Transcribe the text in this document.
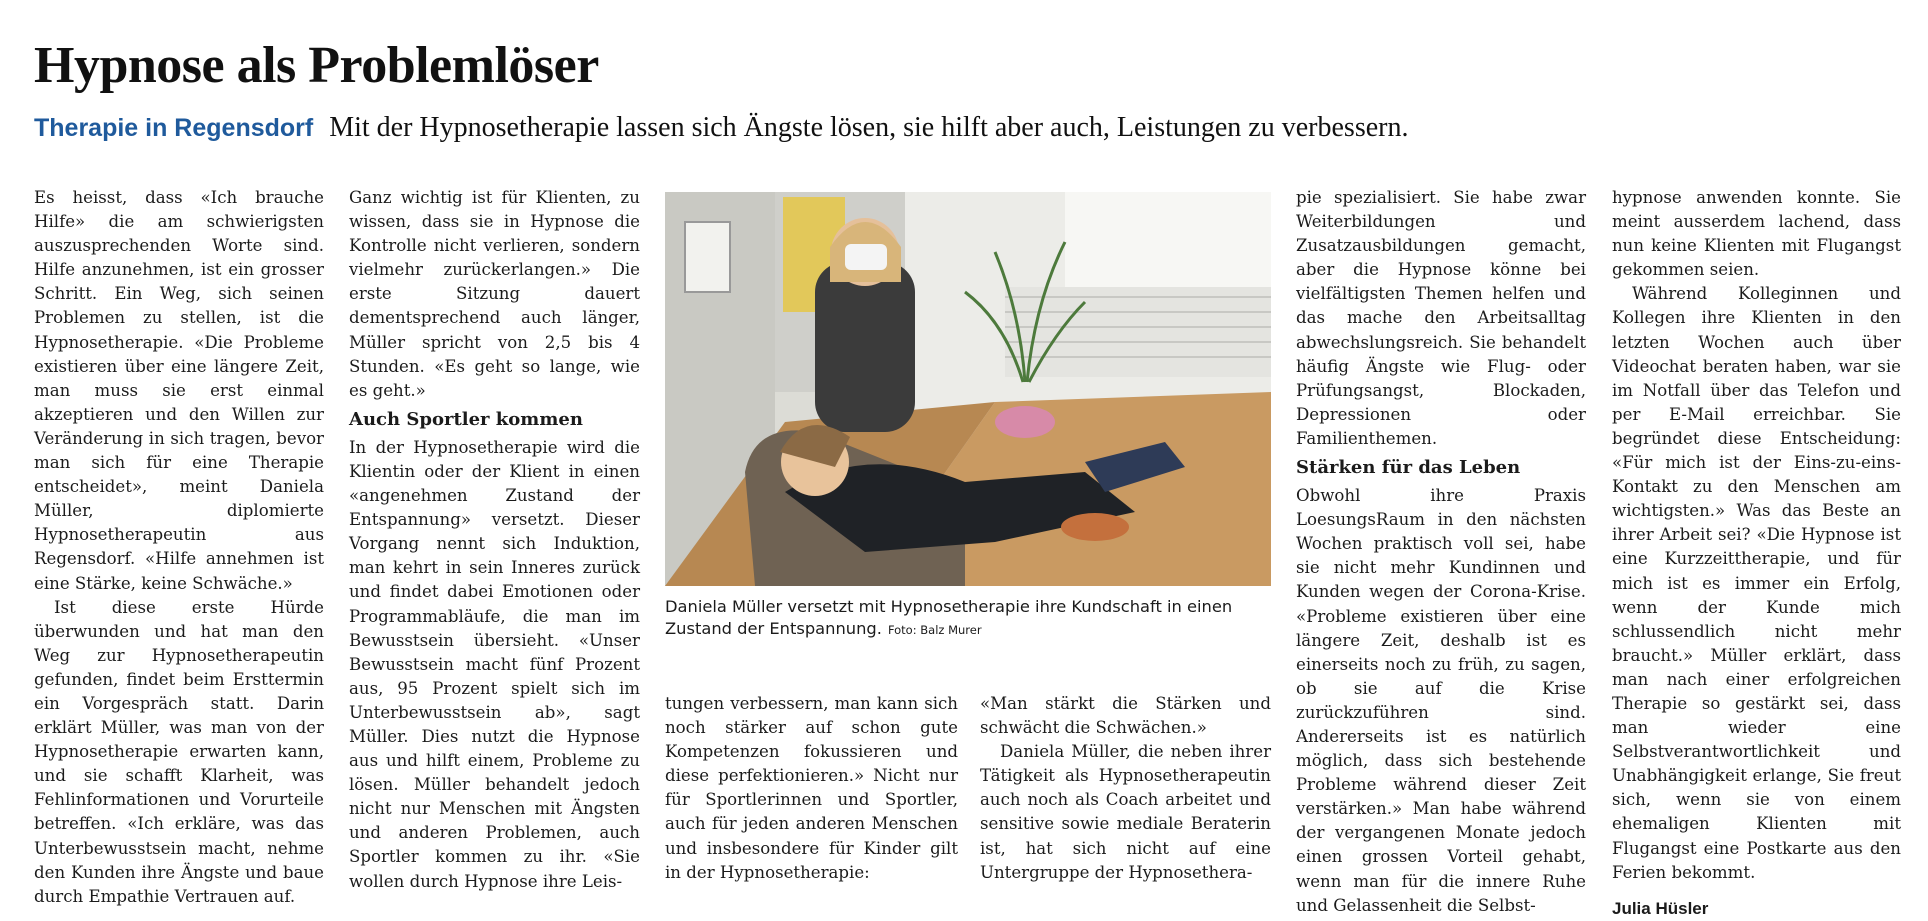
Hypnose als Problemlöser
Therapie in Regensdorf Mit der Hypnosetherapie lassen sich Ängste lösen, sie hilft aber auch, Leistungen zu verbessern.

Es heisst, dass «Ich brauche Hilfe» die am schwierigsten auszusprechenden Worte sind. Hilfe anzunehmen, ist ein grosser Schritt. Ein Weg, sich seinen Problemen zu stellen, ist die Hypnosetherapie. «Die Probleme existieren über eine längere Zeit, man muss sie erst einmal akzeptieren und den Willen zur Veränderung in sich tragen, bevor man sich für eine Therapie entscheidet», meint Daniela Müller, diplomierte Hypnosetherapeutin aus Regensdorf. «Hilfe annehmen ist eine Stärke, keine Schwäche.»

Ist diese erste Hürde überwunden und hat man den Weg zur Hypnosetherapeutin gefunden, findet beim Ersttermin ein Vorgespräch statt. Darin erklärt Müller, was man von der Hypnosetherapie erwarten kann, und sie schafft Klarheit, was Fehlinformationen und Vorurteile betreffen. «Ich erkläre, was das Unterbewusstsein macht, nehme den Kunden ihre Ängste und baue durch Empathie Vertrauen auf.

Ganz wichtig ist für Klienten, zu wissen, dass sie in Hypnose die Kontrolle nicht verlieren, sondern vielmehr zurückerlangen.» Die erste Sitzung dauert dementsprechend auch länger, Müller spricht von 2,5 bis 4 Stunden. «Es geht so lange, wie es geht.»

Auch Sportler kommen

In der Hypnosetherapie wird die Klientin oder der Klient in einen «angenehmen Zustand der Entspannung» versetzt. Dieser Vorgang nennt sich Induktion, man kehrt in sein Inneres zurück und findet dabei Emotionen oder Programmabläufe, die man im Bewusstsein übersieht. «Unser Bewusstsein macht fünf Prozent aus, 95 Prozent spielt sich im Unterbewusstsein ab», sagt Müller. Dies nutzt die Hypnose aus und hilft einem, Probleme zu lösen. Müller behandelt jedoch nicht nur Menschen mit Ängsten und anderen Problemen, auch Sportler kommen zu ihr. «Sie wollen durch Hypnose ihre Leis-

Daniela Müller versetzt mit Hypnosetherapie ihre Kundschaft in einen Zustand der Entspannung. Foto: Balz Murer

tungen verbessern, man kann sich noch stärker auf schon gute Kompetenzen fokussieren und diese perfektionieren.» Nicht nur für Sportlerinnen und Sportler, auch für jeden anderen Menschen und insbesondere für Kinder gilt in der Hypnosetherapie:

«Man stärkt die Stärken und schwächt die Schwächen.»

Daniela Müller, die neben ihrer Tätigkeit als Hypnosetherapeutin auch noch als Coach arbeitet und sensitive sowie mediale Beraterin ist, hat sich nicht auf eine Untergruppe der Hypnosethera-

pie spezialisiert. Sie habe zwar Weiterbildungen und Zusatzausbildungen gemacht, aber die Hypnose könne bei vielfältigsten Themen helfen und das mache den Arbeitsalltag abwechslungsreich. Sie behandelt häufig Ängste wie Flug- oder Prüfungsangst, Blockaden, Depressionen oder Familienthemen.

Stärken für das Leben

Obwohl ihre Praxis LoesungsRaum in den nächsten Wochen praktisch voll sei, habe sie nicht mehr Kundinnen und Kunden wegen der Corona-Krise. «Probleme existieren über eine längere Zeit, deshalb ist es einerseits noch zu früh, zu sagen, ob sie auf die Krise zurückzuführen sind. Andererseits ist es natürlich möglich, dass sich bestehende Probleme während dieser Zeit verstärken.» Man habe während der vergangenen Monate jedoch einen grossen Vorteil gehabt, wenn man für die innere Ruhe und Gelassenheit die Selbst-

hypnose anwenden konnte. Sie meint ausserdem lachend, dass nun keine Klienten mit Flugangst gekommen seien.

Während Kolleginnen und Kollegen ihre Klienten in den letzten Wochen auch über Videochat beraten haben, war sie im Notfall über das Telefon und per E-Mail erreichbar. Sie begründet diese Entscheidung: «Für mich ist der Eins-zu-eins-Kontakt zu den Menschen am wichtigsten.» Was das Beste an ihrer Arbeit sei? «Die Hypnose ist eine Kurzzeittherapie, und für mich ist es immer ein Erfolg, wenn der Kunde mich schlussendlich nicht mehr braucht.» Müller erklärt, dass man nach einer erfolgreichen Therapie so gestärkt sei, dass man wieder eine Selbstverantwortlichkeit und Unabhängigkeit erlange, Sie freut sich, wenn sie von einem ehemaligen Klienten mit Flugangst eine Postkarte aus den Ferien bekommt.

Julia Hüsler
